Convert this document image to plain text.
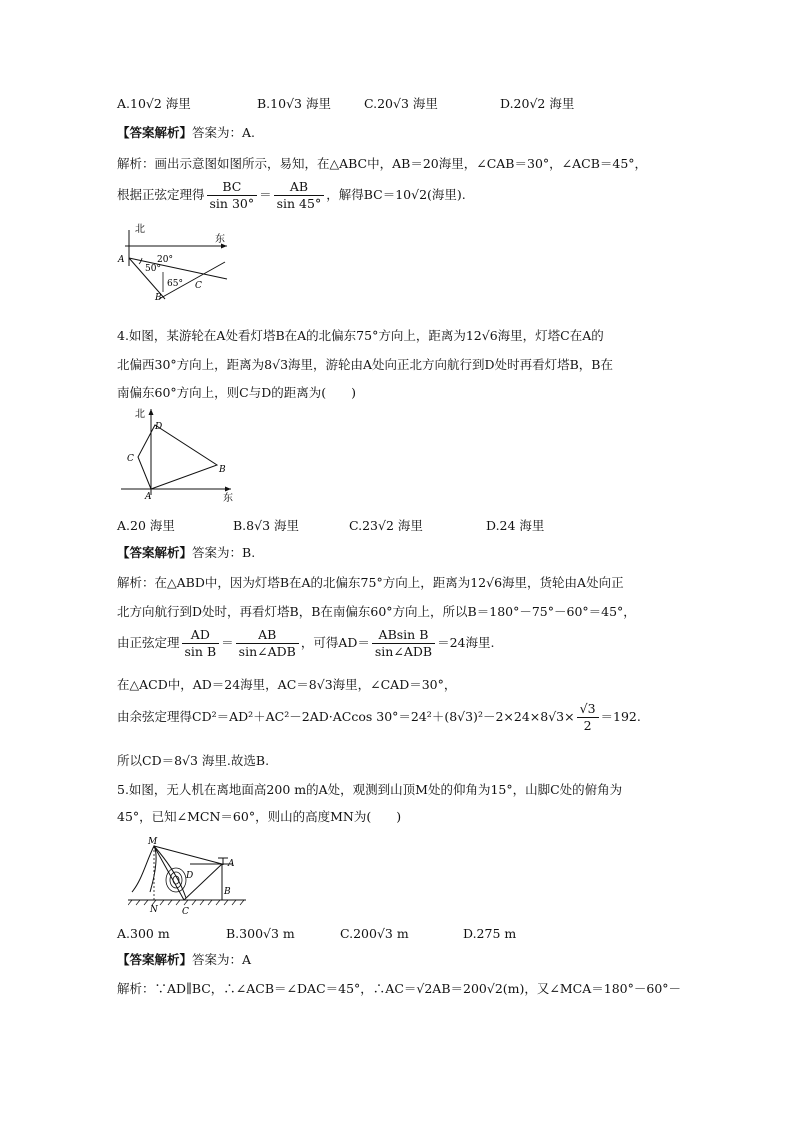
A.10√2 海里	B.10√3 海里	C.20√3 海里	D.20√2 海里
【答案解析】答案为：A.
解析：画出示意图如图所示，易知，在△ABC中，AB＝20海里，∠CAB＝30°，∠ACB＝45°，
根据正弦定理得 $\frac{BC}{\sin 30^\circ} = \frac{AB}{\sin 45^\circ}$ ，解得BC＝10√2(海里).
北
东
A
B
C
20°
50°
65°
4.如图，某游轮在A处看灯塔B在A的北偏东75°方向上，距离为12√6海里，灯塔C在A的
北偏西30°方向上，距离为8√3海里，游轮由A处向正北方向航行到D处时再看灯塔B，B在
南偏东60°方向上，则C与D的距离为(　　)
北
东
A
D
C
B
A.20 海里	B.8√3 海里	C.23√2 海里	D.24 海里
【答案解析】答案为：B.
解析：在△ABD中，因为灯塔B在A的北偏东75°方向上，距离为12√6海里，货轮由A处向正
北方向航行到D处时，再看灯塔B，B在南偏东60°方向上，所以B＝180°－75°－60°＝45°，
由正弦定理 $\frac{AD}{\text{sin B}} = \frac{AB}{\text{sin∠ADB}}$ ，可得$AD= \frac{\text{ABsin B}}{\text{sin∠ADB}} =24$海里.
在△ACD中，AD＝24海里，AC＝8√3海里，∠CAD＝30°，
由余弦定理得CD²＝AD²＋AC²－2AD·ACcos $30^\circ=24^2+(8√3)^2-2\times 24\times 8√3\times \frac{√3}{2} =192$.
所以CD＝8√3 海里.故选B.
5.如图，无人机在离地面高200 m的A处，观测到山顶M处的仰角为15°，山脚C处的俯角为
45°，已知∠MCN＝60°，则山的高度MN为(　　)
M
A
B
C
D
N
A.300 m	B.300√3 m	C.200√3 m	D.275 m
【答案解析】答案为：A
解析：∵AD∥BC，∴∠ACB＝∠DAC＝45°，∴AC＝√2AB＝200√2(m)，又∠MCA＝180°－60°－
